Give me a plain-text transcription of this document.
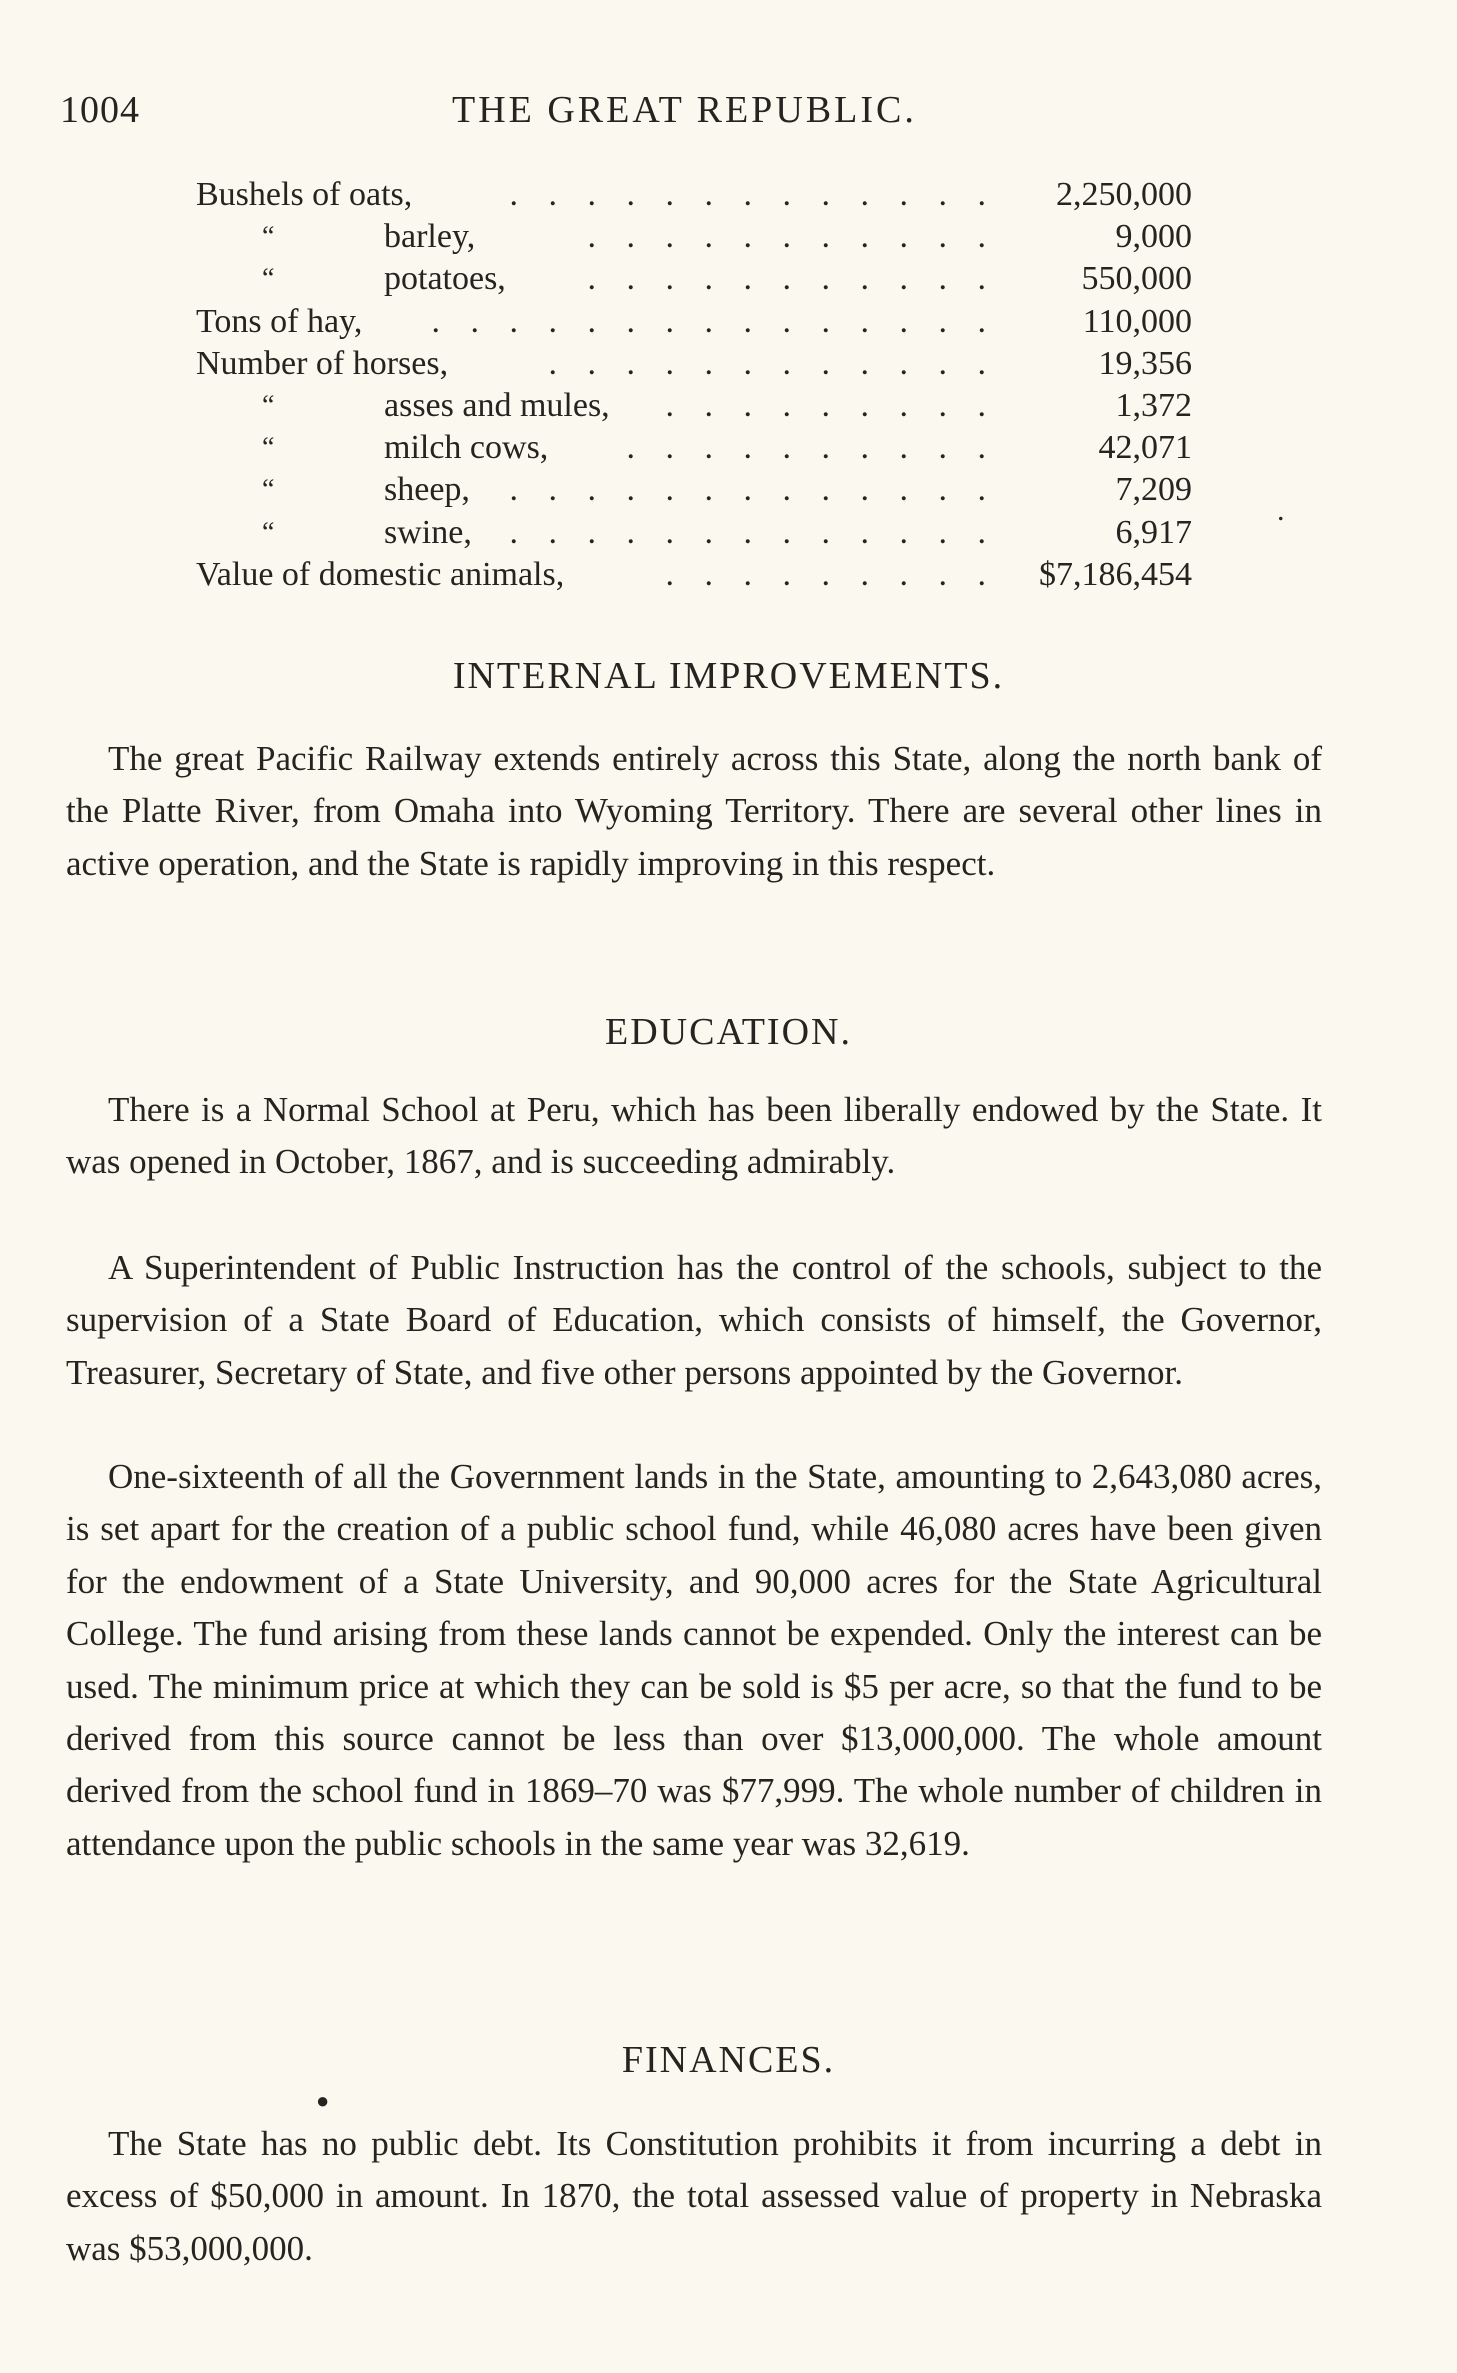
1004	THE GREAT REPUBLIC.
Bushels of oats,	. . . . . . . . . . . . . 2,250,000
“	barley,	. . . . . . . . . . .	9,000
“	potatoes, . . . . . . . . . . . 550,000
Tons of hay, . . . . . . . . . . . . . . .	110,000
Number of horses,	. . . . . . . . . . . .	19,356
“	asses and mules, . . . . . . . . .	1,372
“	milch cows, . . . . . . . . . .	42,071
“	sheep, . . . . . . . . . . . . .	7,209
“	swine, . . . . . . . . . . . . .	6,917
Value of domestic animals,	. . . . . . . . . $7,186,454
.
INTERNAL IMPROVEMENTS.

The great Pacific Railway extends entirely across this State, along the north bank of the Platte River, from Omaha into Wyoming Territory. There are several other lines in active operation, and the State is rapidly improving in this respect.

EDUCATION.

There is a Normal School at Peru, which has been liberally endowed by the State. It was opened in October, 1867, and is succeeding admirably.

A Superintendent of Public Instruction has the control of the schools, subject to the supervision of a State Board of Education, which consists of himself, the Governor, Treasurer, Secretary of State, and five other persons appointed by the Governor.

One-sixteenth of all the Government lands in the State, amounting to 2,643,080 acres, is set apart for the creation of a public school fund, while 46,080 acres have been given for the endowment of a State University, and 90,000 acres for the State Agricultural College. The fund arising from these lands cannot be expended. Only the interest can be used. The minimum price at which they can be sold is $5 per acre, so that the fund to be derived from this source cannot be less than over $13,000,000. The whole amount derived from the school fund in 1869–70 was $77,999. The whole number of children in attendance upon the public schools in the same year was 32,619.

FINANCES.
●

The State has no public debt. Its Constitution prohibits it from incurring a debt in excess of $50,000 in amount. In 1870, the total assessed value of property in Nebraska was $53,000,000.
